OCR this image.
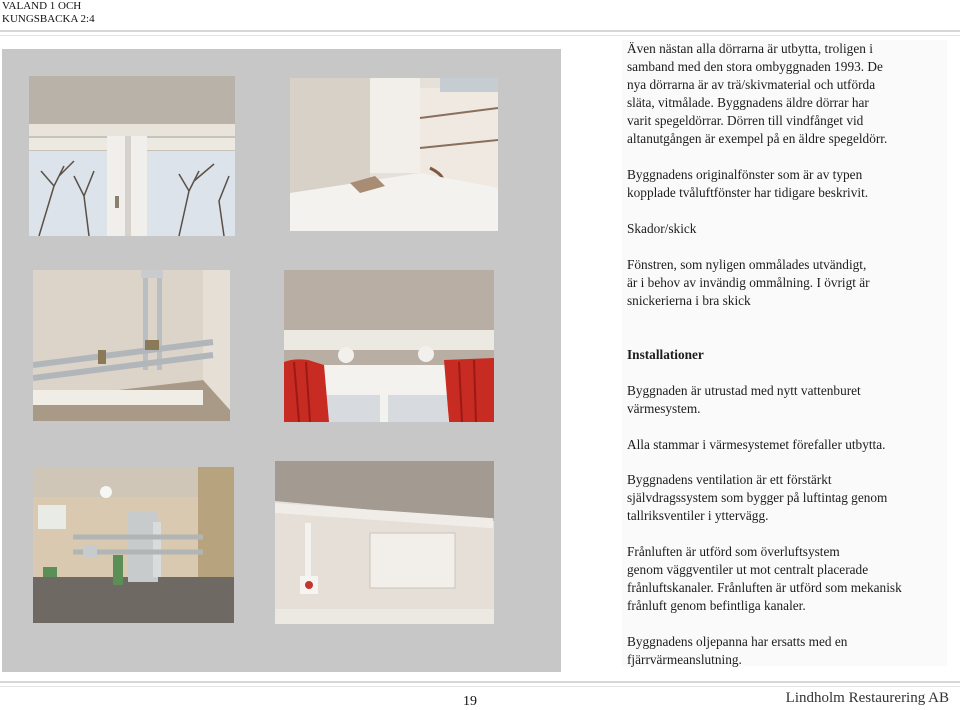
VALAND 1 OCH
KUNGSBACKA 2:4
Även nästan alla dörrarna är utbytta, troligen i
samband med den stora ombyggnaden 1993. De
nya dörrarna är av trä/skivmaterial och utförda
släta, vitmålade. Byggnadens äldre dörrar har
varit spegeldörrar. Dörren till vindfånget vid
altanutgången är exempel på en äldre spegeldörr.
Byggnadens originalfönster som är av typen
kopplade tvåluftfönster har tidigare beskrivit.
Skador/skick
Fönstren, som nyligen ommålades utvändigt,
är i behov av invändig ommålning. I övrigt är
snickerierna i bra skick
Installationer
Byggnaden är utrustad med nytt vattenburet
värmesystem.
Alla stammar i värmesystemet förefaller utbytta.
Byggnadens ventilation är ett förstärkt
självdragssystem som bygger på luftintag genom
tallriksventiler i yttervägg.
Frånluften är utförd som överluftsystem
genom väggventiler ut mot centralt placerade
frånluftskanaler. Frånluften är utförd som mekanisk
frånluft genom befintliga kanaler.
Byggnadens oljepanna har ersatts med en
fjärrvärmeanslutning.
19	Lindholm Restaurering AB
